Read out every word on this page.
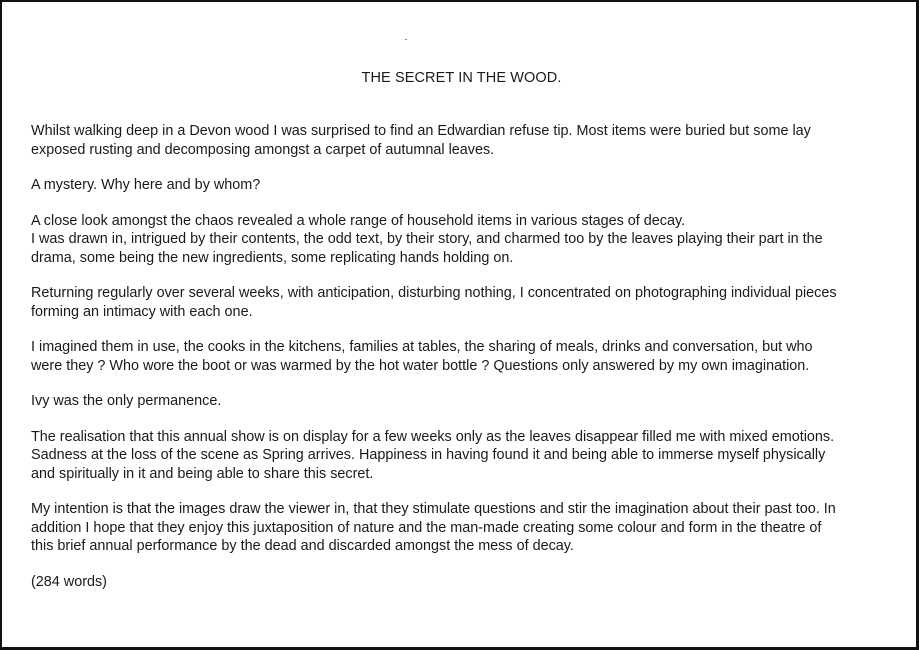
THE SECRET IN THE WOOD.

Whilst walking deep in a Devon wood I was surprised to find an Edwardian refuse tip. Most items were buried but some lay
exposed rusting and decomposing amongst a carpet of autumnal leaves.

A mystery. Why here and by whom?

A close look amongst the chaos revealed a whole range of household items in various stages of decay.
I was drawn in, intrigued by their contents, the odd text, by their story, and charmed too by the leaves playing their part in the
drama, some being the new ingredients, some replicating hands holding on.

Returning regularly over several weeks, with anticipation, disturbing nothing, I concentrated on photographing individual pieces
forming an intimacy with each one.

I imagined them in use, the cooks in the kitchens, families at tables, the sharing of meals, drinks and conversation, but who
were they ? Who wore the boot or was warmed by the hot water bottle ? Questions only answered by my own imagination.

Ivy was the only permanence.

The realisation that this annual show is on display for a few weeks only as the leaves disappear filled me with mixed emotions.
Sadness at the loss of the scene as Spring arrives. Happiness in having found it and being able to immerse myself physically
and spiritually in it and being able to share this secret.

My intention is that the images draw the viewer in, that they stimulate questions and stir the imagination about their past too. In
addition I hope that they enjoy this juxtaposition of nature and the man-made creating some colour and form in the theatre of
this brief annual performance by the dead and discarded amongst the mess of decay.

(284 words)
